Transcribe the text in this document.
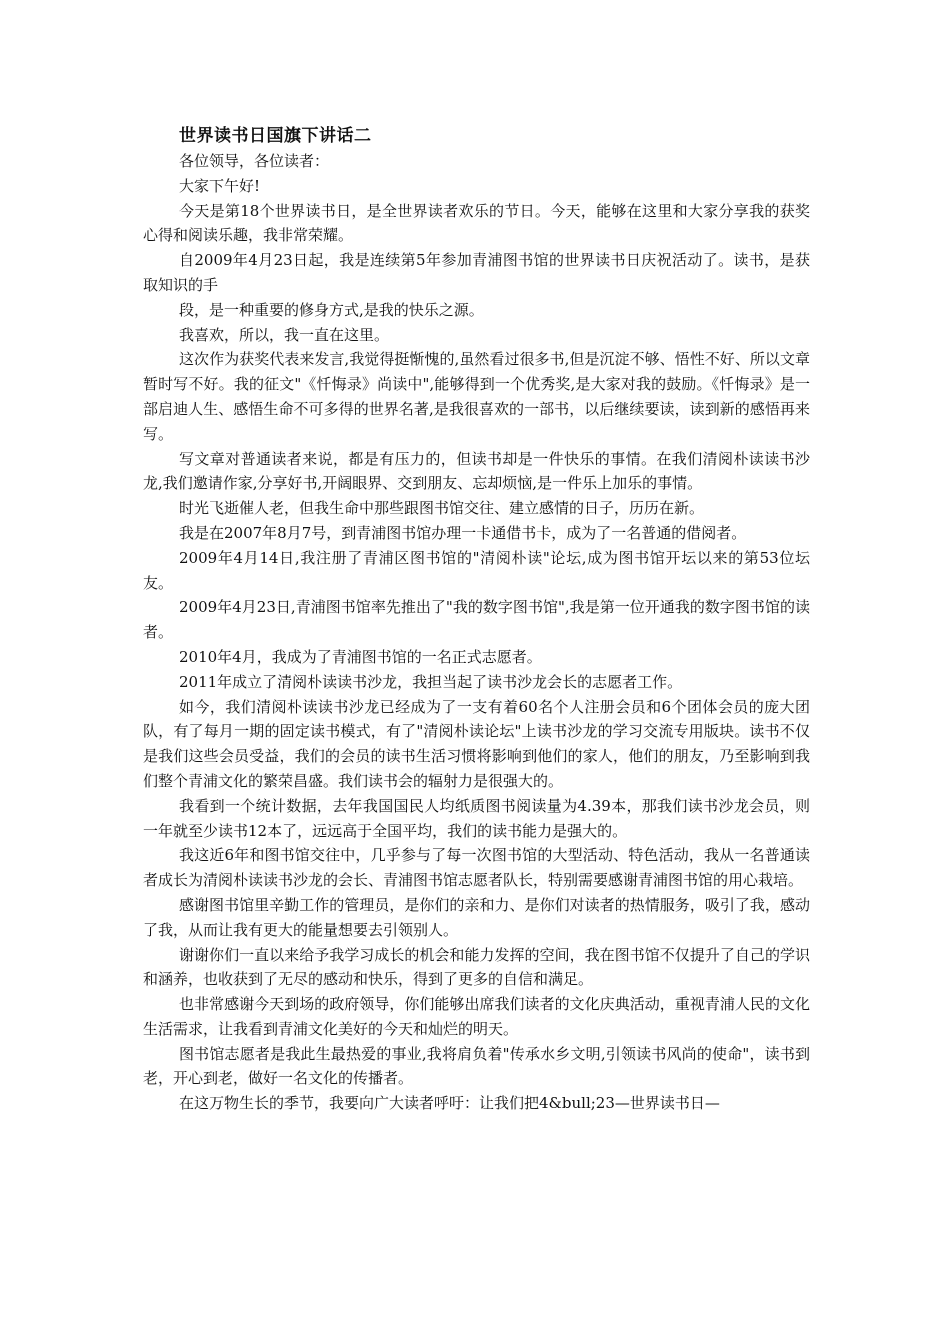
世界读书日国旗下讲话二

各位领导，各位读者：

大家下午好!

今天是第18个世界读书日，是全世界读者欢乐的节日。今天，能够在这里和大家分享我的获奖心得和阅读乐趣，我非常荣耀。

自2009年4月23日起，我是连续第5年参加青浦图书馆的世界读书日庆祝活动了。读书，是获取知识的手

段，是一种重要的修身方式,是我的快乐之源。

我喜欢，所以，我一直在这里。

这次作为获奖代表来发言,我觉得挺惭愧的,虽然看过很多书,但是沉淀不够、悟性不好、所以文章暂时写不好。我的征文"《忏悔录》尚读中",能够得到一个优秀奖,是大家对我的鼓励。《忏悔录》是一部启迪人生、感悟生命不可多得的世界名著,是我很喜欢的一部书，以后继续要读，读到新的感悟再来写。

写文章对普通读者来说，都是有压力的，但读书却是一件快乐的事情。在我们清阅朴读读书沙龙,我们邀请作家,分享好书,开阔眼界、交到朋友、忘却烦恼,是一件乐上加乐的事情。

时光飞逝催人老，但我生命中那些跟图书馆交往、建立感情的日子，历历在新。

我是在2007年8月7号，到青浦图书馆办理一卡通借书卡，成为了一名普通的借阅者。

2009年4月14日,我注册了青浦区图书馆的"清阅朴读"论坛,成为图书馆开坛以来的第53位坛友。

2009年4月23日,青浦图书馆率先推出了"我的数字图书馆",我是第一位开通我的数字图书馆的读者。

2010年4月，我成为了青浦图书馆的一名正式志愿者。

2011年成立了清阅朴读读书沙龙，我担当起了读书沙龙会长的志愿者工作。

如今，我们清阅朴读读书沙龙已经成为了一支有着60名个人注册会员和6个团体会员的庞大团队，有了每月一期的固定读书模式，有了"清阅朴读论坛"上读书沙龙的学习交流专用版块。读书不仅是我们这些会员受益，我们的会员的读书生活习惯将影响到他们的家人，他们的朋友，乃至影响到我们整个青浦文化的繁荣昌盛。我们读书会的辐射力是很强大的。

我看到一个统计数据，去年我国国民人均纸质图书阅读量为4.39本，那我们读书沙龙会员，则一年就至少读书12本了，远远高于全国平均，我们的读书能力是强大的。

我这近6年和图书馆交往中，几乎参与了每一次图书馆的大型活动、特色活动，我从一名普通读者成长为清阅朴读读书沙龙的会长、青浦图书馆志愿者队长，特别需要感谢青浦图书馆的用心栽培。

感谢图书馆里辛勤工作的管理员，是你们的亲和力、是你们对读者的热情服务，吸引了我，感动了我，从而让我有更大的能量想要去引领别人。

谢谢你们一直以来给予我学习成长的机会和能力发挥的空间，我在图书馆不仅提升了自己的学识和涵养，也收获到了无尽的感动和快乐，得到了更多的自信和满足。

也非常感谢今天到场的政府领导，你们能够出席我们读者的文化庆典活动，重视青浦人民的文化生活需求，让我看到青浦文化美好的今天和灿烂的明天。

图书馆志愿者是我此生最热爱的事业,我将肩负着"传承水乡文明,引领读书风尚的使命"，读书到老，开心到老，做好一名文化的传播者。

在这万物生长的季节，我要向广大读者呼吁：让我们把4&bull;23—世界读书日—
